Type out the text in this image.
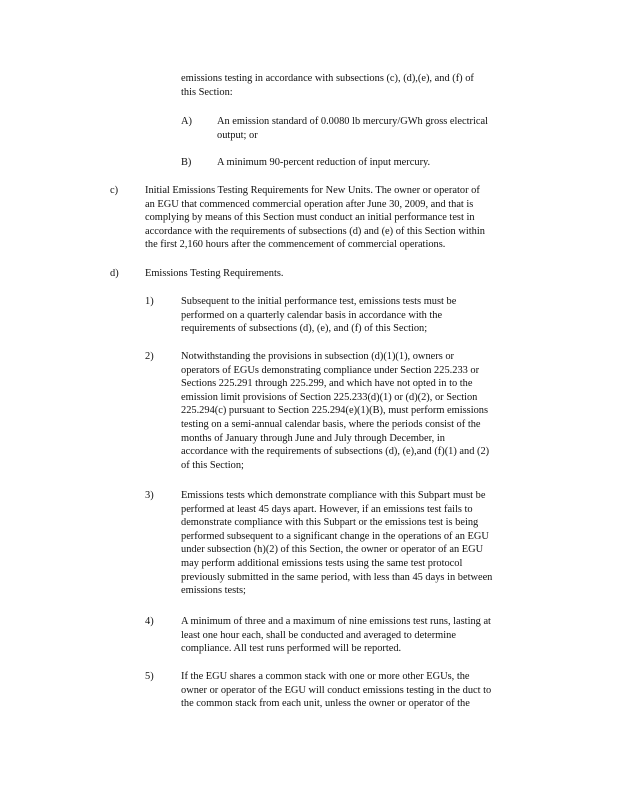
emissions testing in accordance with subsections (c), (d),(e), and (f) of
this Section:

A) An emission standard of 0.0080 lb mercury/GWh gross electrical
output; or

B) A minimum 90-percent reduction of input mercury.

c)	Initial Emissions Testing Requirements for New Units. The owner or operator of
an EGU that commenced commercial operation after June 30, 2009, and that is
complying by means of this Section must conduct an initial performance test in
accordance with the requirements of subsections (d) and (e) of this Section within
the first 2,160 hours after the commencement of commercial operations.

d)	Emissions Testing Requirements.
1)	Subsequent to the initial performance test, emissions tests must be
performed on a quarterly calendar basis in accordance with the
requirements of subsections (d), (e), and (f) of this Section;

2)	Notwithstanding the provisions in subsection (d)(1)(1), owners or
operators of EGUs demonstrating compliance under Section 225.233 or
Sections 225.291 through 225.299, and which have not opted in to the
emission limit provisions of Section 225.233(d)(1) or (d)(2), or Section
225.294(c) pursuant to Section 225.294(e)(1)(B), must perform emissions
testing on a semi-annual calendar basis, where the periods consist of the
months of January through June and July through December, in
accordance with the requirements of subsections (d), (e),and (f)(1) and (2)
of this Section;

3)	Emissions tests which demonstrate compliance with this Subpart must be
performed at least 45 days apart. However, if an emissions test fails to
demonstrate compliance with this Subpart or the emissions test is being
performed subsequent to a significant change in the operations of an EGU
under subsection (h)(2) of this Section, the owner or operator of an EGU
may perform additional emissions tests using the same test protocol
previously submitted in the same period, with less than 45 days in between
emissions tests;

4)	A minimum of three and a maximum of nine emissions test runs, lasting at
least one hour each, shall be conducted and averaged to determine
compliance. All test runs performed will be reported.

5)	If the EGU shares a common stack with one or more other EGUs, the
owner or operator of the EGU will conduct emissions testing in the duct to
the common stack from each unit, unless the owner or operator of the
